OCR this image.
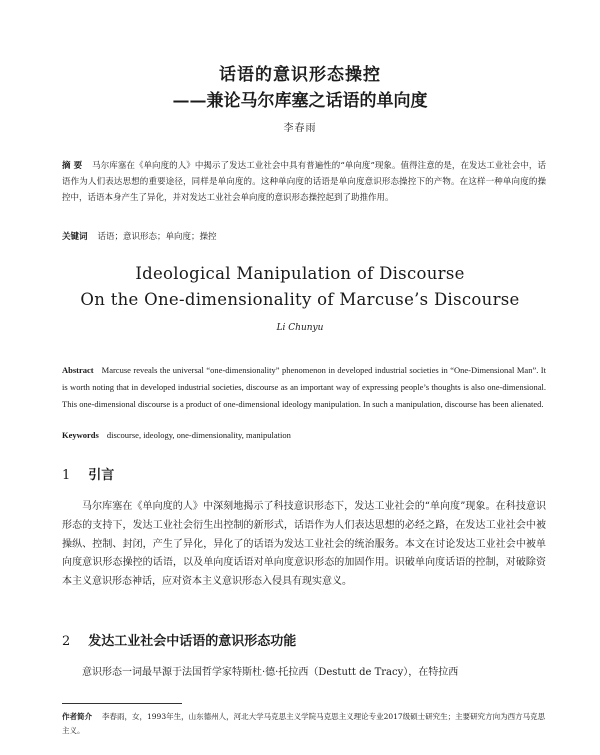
话语的意识形态操控
——兼论马尔库塞之话语的单向度
李春雨
摘 要 马尔库塞在《单向度的人》中揭示了发达工业社会中具有普遍性的“单向度”现象。值得注意的是，在发达工业社会中，话语作为人们表达思想的重要途径，同样是单向度的。这种单向度的话语是单向度意识形态操控下的产物。在这样一种单向度的操控中，话语本身产生了异化，并对发达工业社会单向度的意识形态操控起到了助推作用。
关键词 话语；意识形态；单向度；操控
Ideological Manipulation of Discourse
On the One-dimensionality of Marcuse’s Discourse
Li Chunyu
Abstract Marcuse reveals the universal “one-dimensionality” phenomenon in developed industrial societies in “One-Dimensional Man”. It is worth noting that in developed industrial societies, discourse as an important way of expressing people’s thoughts is also one-dimensional. This one-dimensional discourse is a product of one-dimensional ideology manipulation. In such a manipulation, discourse has been alienated.
Keywords discourse, ideology, one-dimensionality, manipulation
1 引言

马尔库塞在《单向度的人》中深刻地揭示了科技意识形态下，发达工业社会的“单向度”现象。在科技意识形态的支持下，发达工业社会衍生出控制的新形式，话语作为人们表达思想的必经之路，在发达工业社会中被操纵、控制、封闭，产生了异化，异化了的话语为发达工业社会的统治服务。本文在讨论发达工业社会中被单向度意识形态操控的话语，以及单向度话语对单向度意识形态的加固作用。识破单向度话语的控制，对破除资本主义意识形态神话，应对资本主义意识形态入侵具有现实意义。

2 发达工业社会中话语的意识形态功能

意识形态一词最早源于法国哲学家特斯杜·德·托拉西（Destutt de Tracy），在特拉西

作者简介 李春雨，女，1993年生，山东德州人，河北大学马克思主义学院马克思主义理论专业2017级硕士研究生；主要研究方向为西方马克思主义。
